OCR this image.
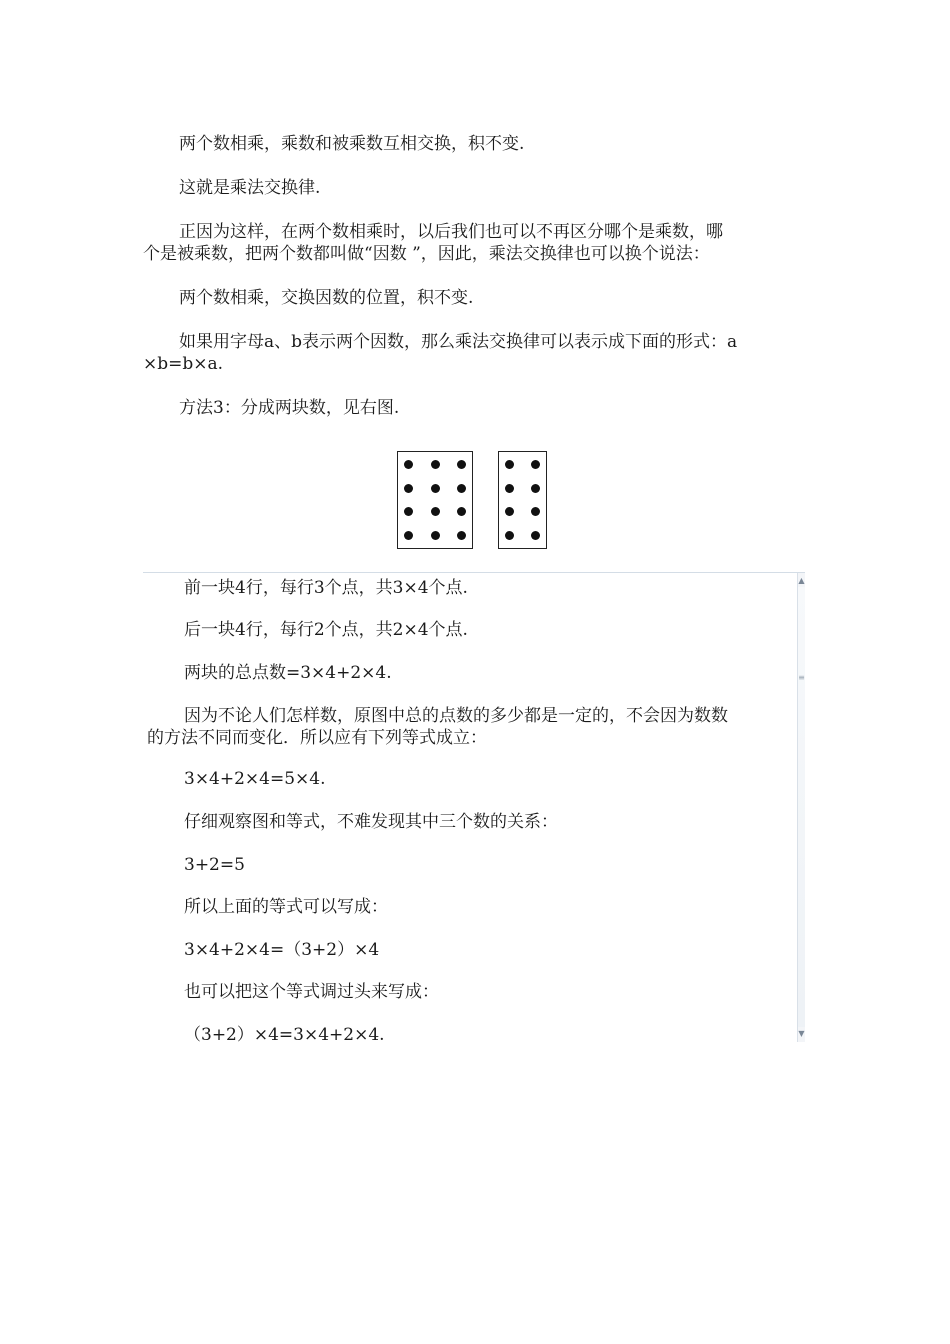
两个数相乘，乘数和被乘数互相交换，积不变.
这就是乘法交换律.
正因为这样，在两个数相乘时，以后我们也可以不再区分哪个是乘数，哪
个是被乘数，把两个数都叫做“因数 ”，因此，乘法交换律也可以换个说法：
两个数相乘，交换因数的位置，积不变.
如果用字母a、b表示两个因数，那么乘法交换律可以表示成下面的形式：a
×b=b×a.
方法3：分成两块数，见右图.
前一块4行，每行3个点，共3×4个点.
后一块4行，每行2个点，共2×4个点.
两块的总点数=3×4+2×4.
因为不论人们怎样数，原图中总的点数的多少都是一定的，不会因为数数
的方法不同而变化．所以应有下列等式成立：
3×4+2×4=5×4.
仔细观察图和等式，不难发现其中三个数的关系：
3+2=5
所以上面的等式可以写成：
3×4+2×4=（3+2）×4
也可以把这个等式调过头来写成：
（3+2）×4=3×4+2×4.
▲
≡
▼
